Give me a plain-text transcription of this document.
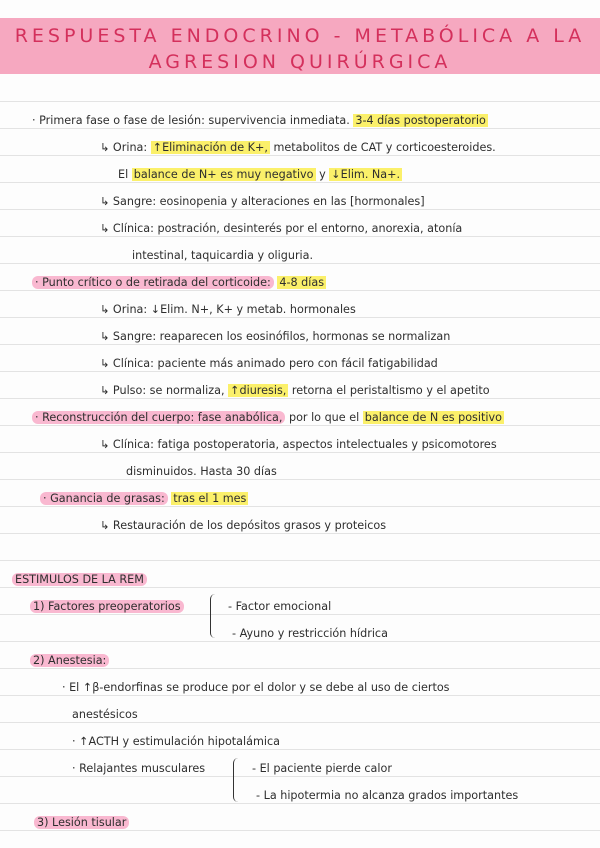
RESPUESTA ENDOCRINO - METABÓLICA A LA
AGRESION QUIRÚRGICA
· Primera fase o fase de lesión: supervivencia inmediata. 3-4 días postoperatorio
↳ Orina: ↑Eliminación de K+, metabolitos de CAT y corticoesteroides.
El balance de N+ es muy negativo y ↓Elim. Na+.
↳ Sangre: eosinopenia y alteraciones en las [hormonales]
↳ Clínica: postración, desinterés por el entorno, anorexia, atonía
intestinal, taquicardia y oliguria.
· Punto crítico o de retirada del corticoide: 4-8 días
↳ Orina: ↓Elim. N+, K+ y metab. hormonales
↳ Sangre: reaparecen los eosinófilos, hormonas se normalizan
↳ Clínica: paciente más animado pero con fácil fatigabilidad
↳ Pulso: se normaliza, ↑diuresis, retorna el peristaltismo y el apetito
· Reconstrucción del cuerpo: fase anabólica, por lo que el balance de N es positivo
↳ Clínica: fatiga postoperatoria, aspectos intelectuales y psicomotores
disminuidos. Hasta 30 días
· Ganancia de grasas: tras el 1 mes
↳ Restauración de los depósitos grasos y proteicos
ESTIMULOS DE LA REM
1) Factores preoperatorios	- Factor emocional
- Ayuno y restricción hídrica
2) Anestesia:
· El ↑β-endorfinas se produce por el dolor y se debe al uso de ciertos
anestésicos
· ↑ACTH y estimulación hipotalámica
· Relajantes musculares	- El paciente pierde calor
- La hipotermia no alcanza grados importantes
3) Lesión tisular
